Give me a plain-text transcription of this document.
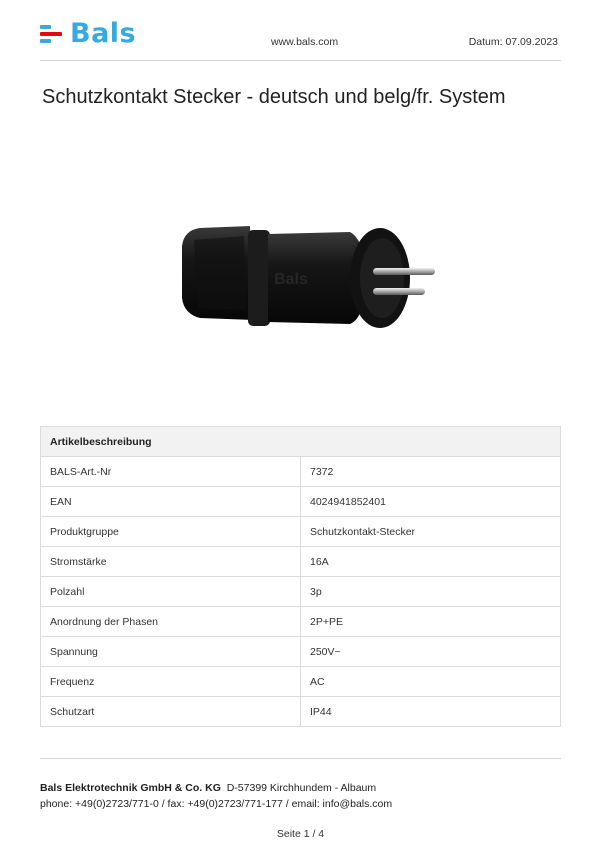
Bals	www.bals.com	Datum: 07.09.2023
Schutzkontakt Stecker - deutsch und belg/fr. System
Bals
Artikelbeschreibung	
BALS-Art.-Nr	7372
EAN	4024941852401
Produktgruppe	Schutzkontakt-Stecker
Stromstärke	16A
Polzahl	3p
Anordnung der Phasen	2P+PE
Spannung	250V~
Frequenz	AC
Schutzart	IP44
Bals Elektrotechnik GmbH & Co. KG D-57399 Kirchhundem - Albaum
phone: +49(0)2723/771-0 / fax: +49(0)2723/771-177 / email: info@bals.com
Seite 1 / 4
